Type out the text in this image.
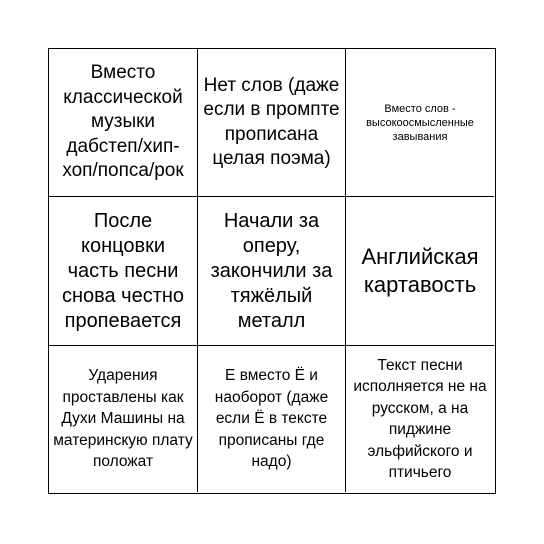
Вместо классической музыки дабстеп/хип-хоп/попса/рок
Нет слов (даже если в промпте прописана целая поэма)
Вместо слов - высокоосмысленные завывания
После концовки часть песни снова честно пропевается
Начали за оперу, закончили за тяжёлый металл
Английская картавость
Ударения проставлены как Духи Машины на материнскую плату положат
Е вместо Ё и наоборот (даже если Ё в тексте прописаны где надо)
Текст песни исполняется не на русском, а на пиджине эльфийского и птичьего
